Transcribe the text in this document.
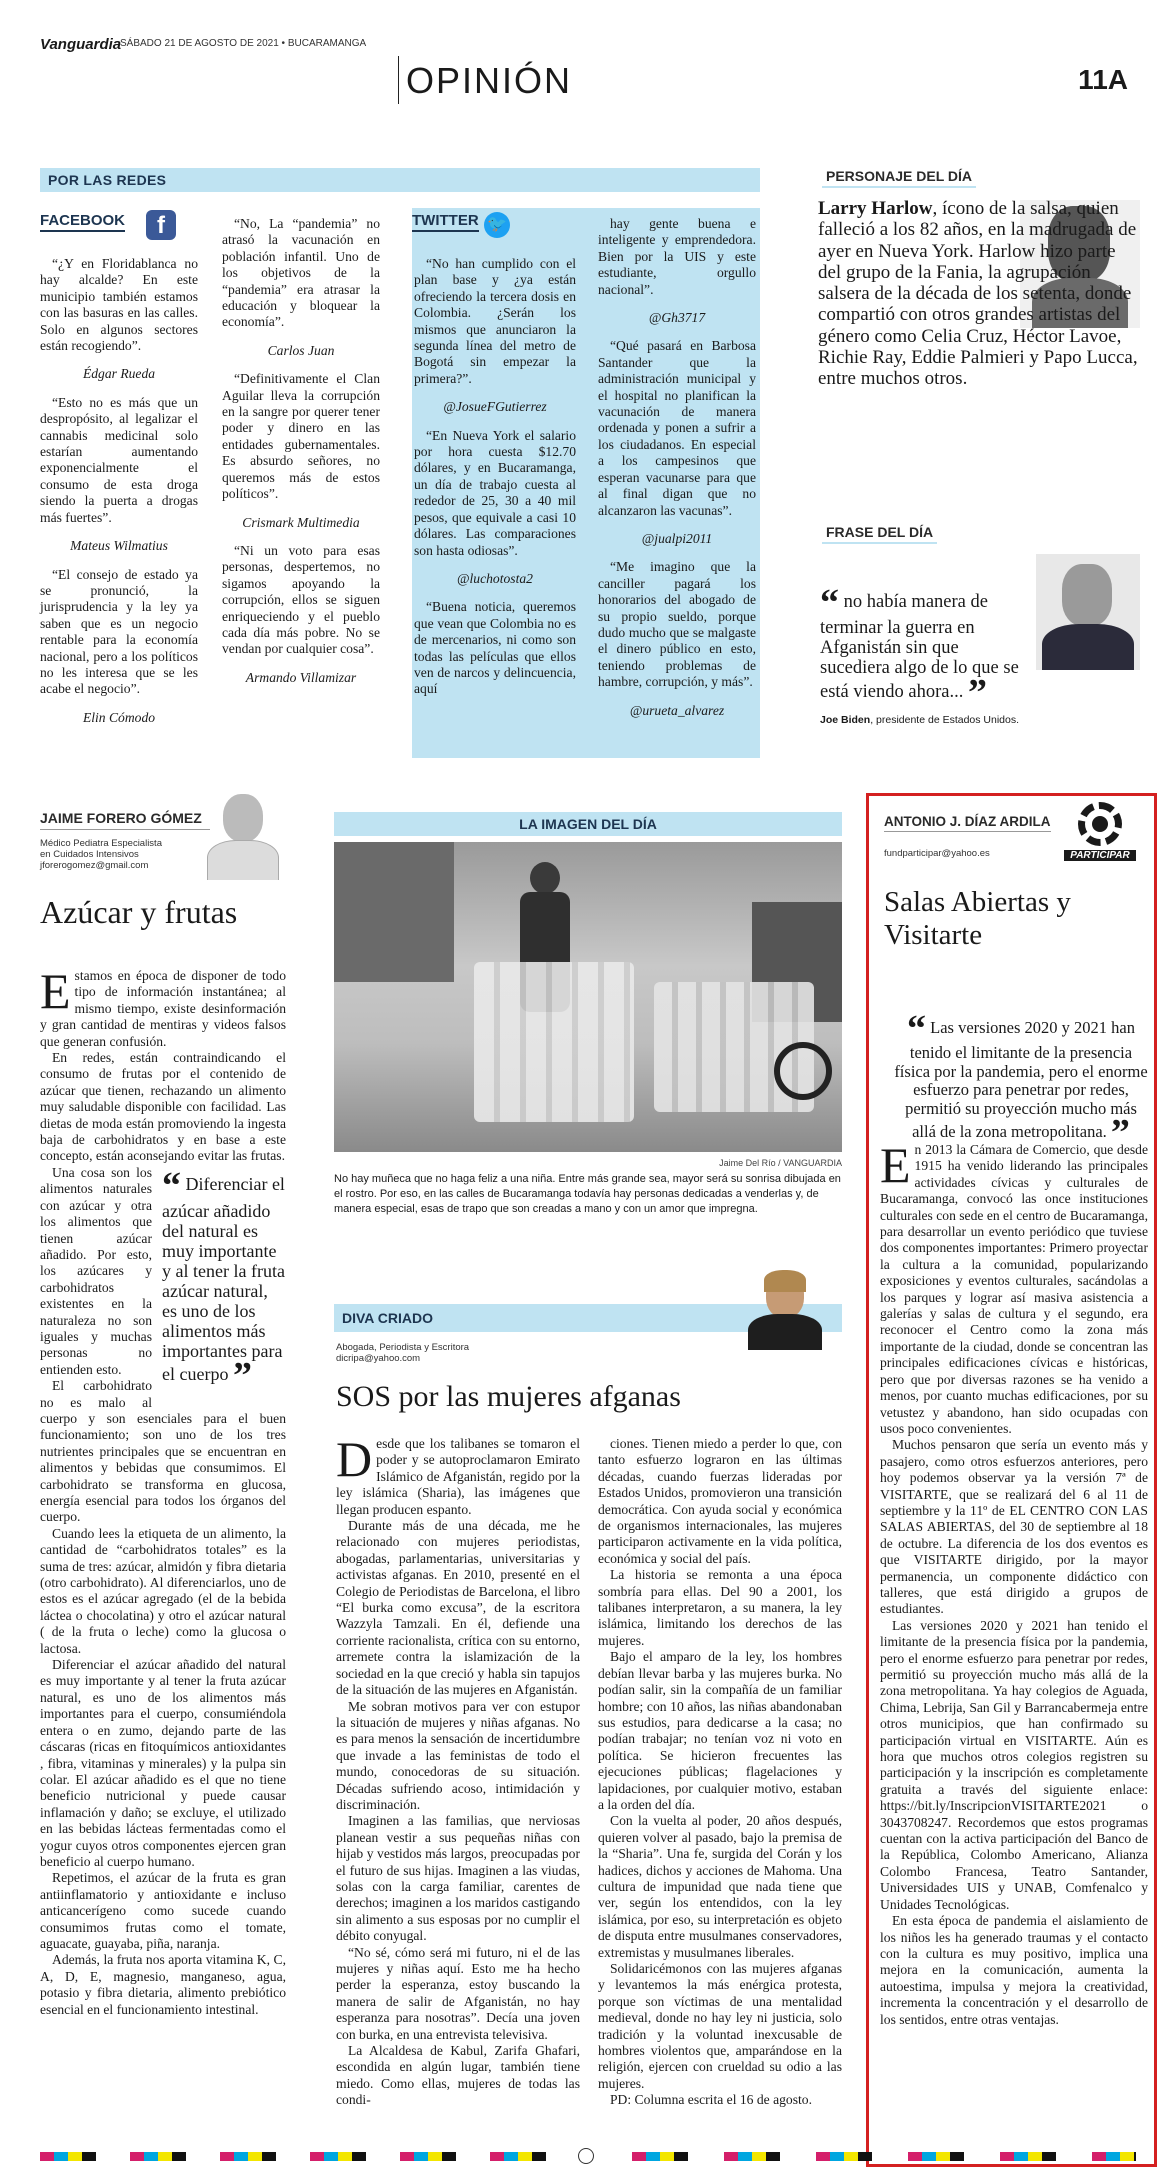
Vanguardia
SÁBADO 21 DE AGOSTO DE 2021 • BUCARAMANGA
OPINIÓN	11A
POR LAS REDES
FACEBOOK	f

“¿Y en Floridablanca no hay alcalde? En este municipio también estamos con las basuras en las calles. Solo en algunos sectores están recogiendo”.

Édgar Rueda

“Esto no es más que un despropósito, al legalizar el cannabis medicinal solo estarían aumentando exponencialmente el consumo de esta droga siendo la puerta a drogas más fuertes”.

Mateus Wilmatius

“El consejo de estado ya se pronunció, la jurisprudencia y la ley ya saben que es un negocio rentable para la economía nacional, pero a los políticos no les interesa que se les acabe el negocio”.

Elin Cómodo

“No, La “pandemia” no atrasó la vacunación en población infantil. Uno de los objetivos de la “pandemia” era atrasar la educación y bloquear la economía”.

Carlos Juan

“Definitivamente el Clan Aguilar lleva la corrupción en la sangre por querer tener poder y dinero en las entidades gubernamentales. Es absurdo señores, no queremos más de estos políticos”.

Crismark Multimedia

“Ni un voto para esas personas, despertemos, no sigamos apoyando la corrupción, ellos se siguen enriqueciendo y el pueblo cada día más pobre. No se vendan por cualquier cosa”.

Armando Villamizar

TWITTER 🐦

“No han cumplido con el plan base y ¿ya están ofreciendo la tercera dosis en Colombia. ¿Serán los mismos que anunciaron la segunda línea del metro de Bogotá sin empezar la primera?”.

@JosueFGutierrez

“En Nueva York el salario por hora cuesta $12.70 dólares, y en Bucaramanga, un día de trabajo cuesta al rededor de 25, 30 a 40 mil pesos, que equivale a casi 10 dólares. Las comparaciones son hasta odiosas”.

@luchotosta2

“Buena noticia, queremos que vean que Colombia no es de mercenarios, ni como son todas las películas que ellos ven de narcos y delincuencia, aquí

hay gente buena e inteligente y emprendedora. Bien por la UIS y este estudiante, orgullo nacional”.

@Gh3717

“Qué pasará en Barbosa Santander que la administración municipal y el hospital no planifican la vacunación de manera ordenada y ponen a sufrir a los ciudadanos. En especial a los campesinos que esperan vacunarse para que al final digan que no alcanzaron las vacunas”.

@jualpi2011

“Me imagino que la canciller pagará los honorarios del abogado de su propio sueldo, porque dudo mucho que se malgaste el dinero público en esto, teniendo problemas de hambre, corrupción, y más”.

@urueta_alvarez

PERSONAJE DEL DÍA
Larry Harlow, ícono de la salsa, quien falleció a los 82 años, en la madrugada de ayer en Nueva York. Harlow hizo parte del grupo de la Fania, la agrupación salsera de la década de los setenta, donde compartió con otros grandes artistas del género como Celia Cruz, Héctor Lavoe, Richie Ray, Eddie Palmieri y Papo Lucca, entre muchos otros.
FRASE DEL DÍA
“ no había manera de terminar la guerra en Afganistán sin que sucediera algo de lo que se está viendo ahora... ”
Joe Biden, presidente de Estados Unidos.
JAIME FORERO GÓMEZ
Médico Pediatra Especialista
en Cuidados Intensivos
jforerogomez@gmail.com
Azúcar y frutas

Estamos en época de disponer de todo tipo de información instantánea; al mismo tiempo, existe desinformación y gran cantidad de mentiras y videos falsos que generan confusión.

En redes, están contraindicando el consumo de frutas por el contenido de azúcar que tienen, rechazando un alimento muy saludable disponible con facilidad. Las dietas de moda están promoviendo la ingesta baja de carbohidratos y en base a este concepto, están aconsejando evitar las frutas.

“ Diferenciar el azúcar añadido del natural es muy importante y al tener la fruta azúcar natural, es uno de los alimentos más importantes para el cuerpo ”

Una cosa son los alimentos naturales con azúcar y otra los alimentos que tienen azúcar añadido. Por esto, los azúcares y carbohidratos existentes en la naturaleza no son iguales y muchas personas no entienden esto.

El carbohidrato no es malo al cuerpo y son esenciales para el buen funcionamiento; son uno de los tres nutrientes principales que se encuentran en alimentos y bebidas que consumimos. El carbohidrato se transforma en glucosa, energía esencial para todos los órganos del cuerpo.

Cuando lees la etiqueta de un alimento, la cantidad de “carbohidratos totales” es la suma de tres: azúcar, almidón y fibra dietaria (otro carbohidrato). Al diferenciarlos, uno de estos es el azúcar agregado (el de la bebida láctea o chocolatina) y otro el azúcar natural ( de la fruta o leche) como la glucosa o lactosa.

Diferenciar el azúcar añadido del natural es muy importante y al tener la fruta azúcar natural, es uno de los alimentos más importantes para el cuerpo, consumiéndola entera o en zumo, dejando parte de las cáscaras (ricas en fitoquímicos antioxidantes , fibra, vitaminas y minerales) y la pulpa sin colar. El azúcar añadido es el que no tiene beneficio nutricional y puede causar inflamación y daño; se excluye, el utilizado en las bebidas lácteas fermentadas como el yogur cuyos otros componentes ejercen gran beneficio al cuerpo humano.

Repetimos, el azúcar de la fruta es gran antiinflamatorio y antioxidante e incluso anticancerígeno como sucede cuando consumimos frutas como el tomate, aguacate, guayaba, piña, naranja.

Además, la fruta nos aporta vitamina K, C, A, D, E, magnesio, manganeso, agua, potasio y fibra dietaria, alimento prebiótico esencial en el funcionamiento intestinal.

LA IMAGEN DEL DÍA
Jaime Del Río / VANGUARDIA
No hay muñeca que no haga feliz a una niña. Entre más grande sea, mayor será su sonrisa dibujada en el rostro. Por eso, en las calles de Bucaramanga todavía hay personas dedicadas a venderlas y, de manera especial, esas de trapo que son creadas a mano y con un amor que impregna.
DIVA CRIADO
Abogada, Periodista y Escritora
dicripa@yahoo.com
SOS por las mujeres afganas

Desde que los talibanes se tomaron el poder y se autoproclamaron Emirato Islámico de Afganistán, regido por la ley islámica (Sharia), las imágenes que llegan producen espanto.

Durante más de una década, me he relacionado con mujeres periodistas, abogadas, parlamentarias, universitarias y activistas afganas. En 2010, presenté en el Colegio de Periodistas de Barcelona, el libro “El burka como excusa”, de la escritora Wazzyla Tamzali. En él, defiende una corriente racionalista, crítica con su entorno, arremete contra la islamización de la sociedad en la que creció y habla sin tapujos de la situación de las mujeres en Afganistán.

Me sobran motivos para ver con estupor la situación de mujeres y niñas afganas. No es para menos la sensación de incertidumbre que invade a las feministas de todo el mundo, conocedoras de su situación. Décadas sufriendo acoso, intimidación y discriminación.

Imaginen a las familias, que nerviosas planean vestir a sus pequeñas niñas con hijab y vestidos más largos, preocupadas por el futuro de sus hijas. Imaginen a las viudas, solas con la carga familiar, carentes de derechos; imaginen a los maridos castigando sin alimento a sus esposas por no cumplir el débito conyugal.

“No sé, cómo será mi futuro, ni el de las mujeres y niñas aquí. Esto me ha hecho perder la esperanza, estoy buscando la manera de salir de Afganistán, no hay esperanza para nosotras”. Decía una joven con burka, en una entrevista televisiva.

La Alcaldesa de Kabul, Zarifa Ghafari, escondida en algún lugar, también tiene miedo. Como ellas, mujeres de todas las condi-

ciones. Tienen miedo a perder lo que, con tanto esfuerzo lograron en las últimas décadas, cuando fuerzas lideradas por Estados Unidos, promovieron una transición democrática. Con ayuda social y económica de organismos internacionales, las mujeres participaron activamente en la vida política, económica y social del país.

La historia se remonta a una época sombría para ellas. Del 90 a 2001, los talibanes interpretaron, a su manera, la ley islámica, limitando los derechos de las mujeres.

Bajo el amparo de la ley, los hombres debían llevar barba y las mujeres burka. No podían salir, sin la compañía de un familiar hombre; con 10 años, las niñas abandonaban sus estudios, para dedicarse a la casa; no podían trabajar; no tenían voz ni voto en política. Se hicieron frecuentes las ejecuciones públicas; flagelaciones y lapidaciones, por cualquier motivo, estaban a la orden del día.

Con la vuelta al poder, 20 años después, quieren volver al pasado, bajo la premisa de la “Sharia”. Una fe, surgida del Corán y los hadices, dichos y acciones de Mahoma. Una cultura de impunidad que nada tiene que ver, según los entendidos, con la ley islámica, por eso, su interpretación es objeto de disputa entre musulmanes conservadores, extremistas y musulmanes liberales.

Solidaricémonos con las mujeres afganas y levantemos la más enérgica protesta, porque son víctimas de una mentalidad medieval, donde no hay ley ni justicia, solo tradición y la voluntad inexcusable de hombres violentos que, amparándose en la religión, ejercen con crueldad su odio a las mujeres.

PD: Columna escrita el 16 de agosto.

ANTONIO J. DÍAZ ARDILA
fundparticipar@yahoo.es	PARTICIPAR
Salas Abiertas y Visitarte
“ Las versiones 2020 y 2021 han tenido el limitante de la presencia física por la pandemia, pero el enorme esfuerzo para penetrar por redes, permitió su proyección mucho más allá de la zona metropolitana. ”

En 2013 la Cámara de Comercio, que desde 1915 ha venido liderando las principales actividades cívicas y culturales de Bucaramanga, convocó las once instituciones culturales con sede en el centro de Bucaramanga, para desarrollar un evento periódico que tuviese dos componentes importantes: Primero proyectar la cultura a la comunidad, popularizando exposiciones y eventos culturales, sacándolas a los parques y lograr así masiva asistencia a galerías y salas de cultura y el segundo, era reconocer el Centro como la zona más importante de la ciudad, donde se concentran las principales edificaciones cívicas e históricas, pero que por diversas razones se ha venido a menos, por cuanto muchas edificaciones, por su vetustez y abandono, han sido ocupadas con usos poco convenientes.

Muchos pensaron que sería un evento más y pasajero, como otros esfuerzos anteriores, pero hoy podemos observar ya la versión 7ª de VISITARTE, que se realizará del 6 al 11 de septiembre y la 11º de EL CENTRO CON LAS SALAS ABIERTAS, del 30 de septiembre al 18 de octubre. La diferencia de los dos eventos es que VISITARTE dirigido, por la mayor permanencia, un componente didáctico con talleres, que está dirigido a grupos de estudiantes.

Las versiones 2020 y 2021 han tenido el limitante de la presencia física por la pandemia, pero el enorme esfuerzo para penetrar por redes, permitió su proyección mucho más allá de la zona metropolitana. Ya hay colegios de Aguada, Chima, Lebrija, San Gil y Barrancabermeja entre otros municipios, que han confirmado su participación virtual en VISITARTE. Aún es hora que muchos otros colegios registren su participación y la inscripción es completamente gratuita a través del siguiente enlace: https://bit.ly/InscripcionVISITARTE2021 o 3043708247. Recordemos que estos programas cuentan con la activa participación del Banco de la República, Colombo Americano, Alianza Colombo Francesa, Teatro Santander, Universidades UIS y UNAB, Comfenalco y Unidades Tecnológicas.

En esta época de pandemia el aislamiento de los niños les ha generado traumas y el contacto con la cultura es muy positivo, implica una mejora en la comunicación, aumenta la autoestima, impulsa y mejora la creatividad, incrementa la concentración y el desarrollo de los sentidos, entre otras ventajas.
